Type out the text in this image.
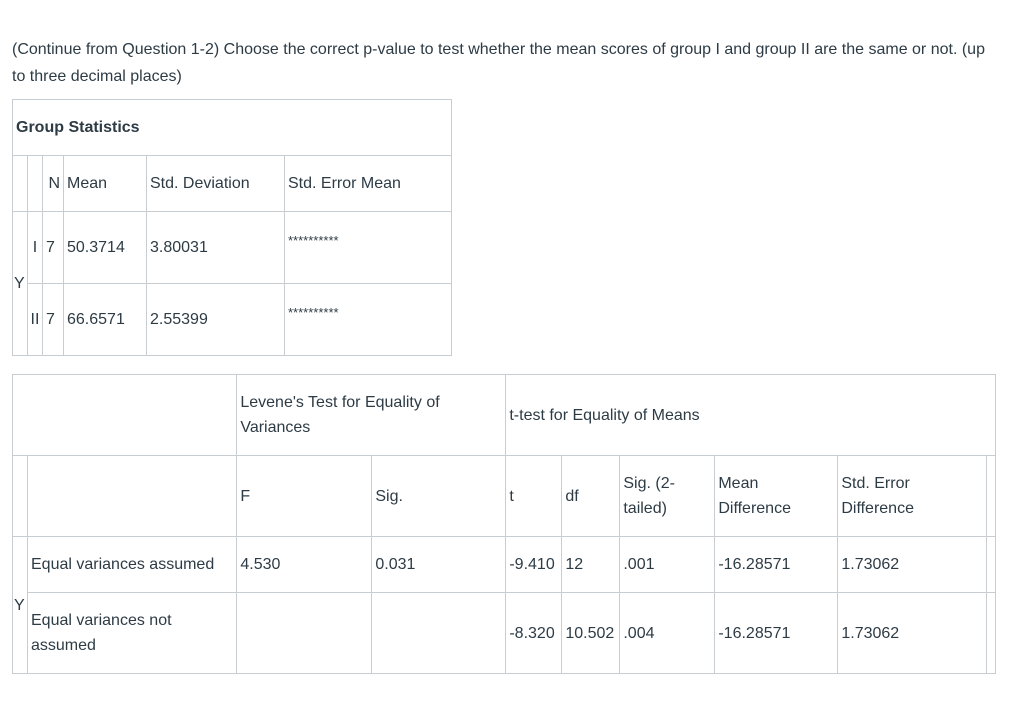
(Continue from Question 1-2) Choose the correct p-value to test whether the mean scores of group I and group II are the same or not. (up to three decimal places)

Group Statistics					
		N	Mean	Std. Deviation	Std. Error Mean
Y	I	7	50.3714	3.80031	**********
	II	7	66.6571	2.55399	**********
		Levene's Test for Equality of Variances		t-test for Equality of Means					
		F	Sig.	t	df	Sig. (2-tailed)	Mean Difference	Std. Error Difference	
Y	Equal variances assumed	4.530	0.031	-9.410	12	.001	-16.28571	1.73062	
	Equal variances not assumed			-8.320	10.502	.004	-16.28571	1.73062	
